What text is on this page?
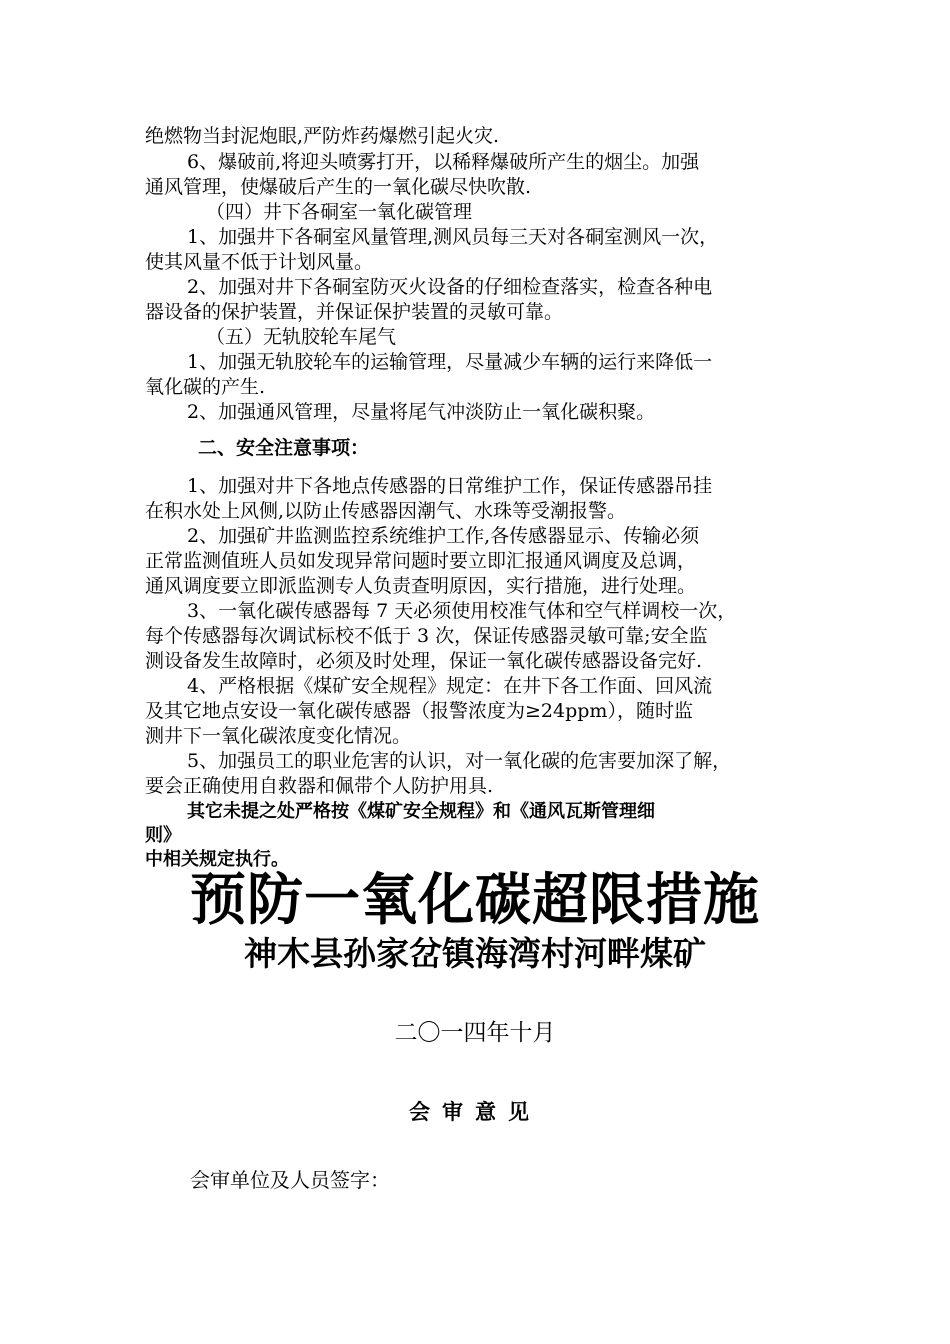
绝燃物当封泥炮眼,严防炸药爆燃引起火灾.
6、爆破前,将迎头喷雾打开，以稀释爆破所产生的烟尘。加强
通风管理，使爆破后产生的一氧化碳尽快吹散.
（四）井下各硐室一氧化碳管理
1、加强井下各硐室风量管理,测风员每三天对各硐室测风一次，
使其风量不低于计划风量。
2、加强对井下各硐室防灭火设备的仔细检查落实，检查各种电
器设备的保护装置，并保证保护装置的灵敏可靠。
（五）无轨胶轮车尾气
1、加强无轨胶轮车的运输管理，尽量减少车辆的运行来降低一
氧化碳的产生.
2、加强通风管理，尽量将尾气冲淡防止一氧化碳积聚。
二、安全注意事项：
1、加强对井下各地点传感器的日常维护工作，保证传感器吊挂
在积水处上风侧,以防止传感器因潮气、水珠等受潮报警。
2、加强矿井监测监控系统维护工作,各传感器显示、传输必须
正常监测值班人员如发现异常问题时要立即汇报通风调度及总调，
通风调度要立即派监测专人负责查明原因，实行措施，进行处理。
3、一氧化碳传感器每 7 天必须使用校准气体和空气样调校一次，
每个传感器每次调试标校不低于 3 次，保证传感器灵敏可靠;安全监
测设备发生故障时，必须及时处理，保证一氧化碳传感器设备完好.
4、严格根据《煤矿安全规程》规定：在井下各工作面、回风流
及其它地点安设一氧化碳传感器（报警浓度为≥24ppm），随时监
测井下一氧化碳浓度变化情况。
5、加强员工的职业危害的认识，对一氧化碳的危害要加深了解，
要会正确使用自救器和佩带个人防护用具.
其它未提之处严格按《煤矿安全规程》和《通风瓦斯管理细
则》
中相关规定执行。
预防一氧化碳超限措施
神木县孙家岔镇海湾村河畔煤矿
二〇一四年十月
会审意见
会审单位及人员签字：
